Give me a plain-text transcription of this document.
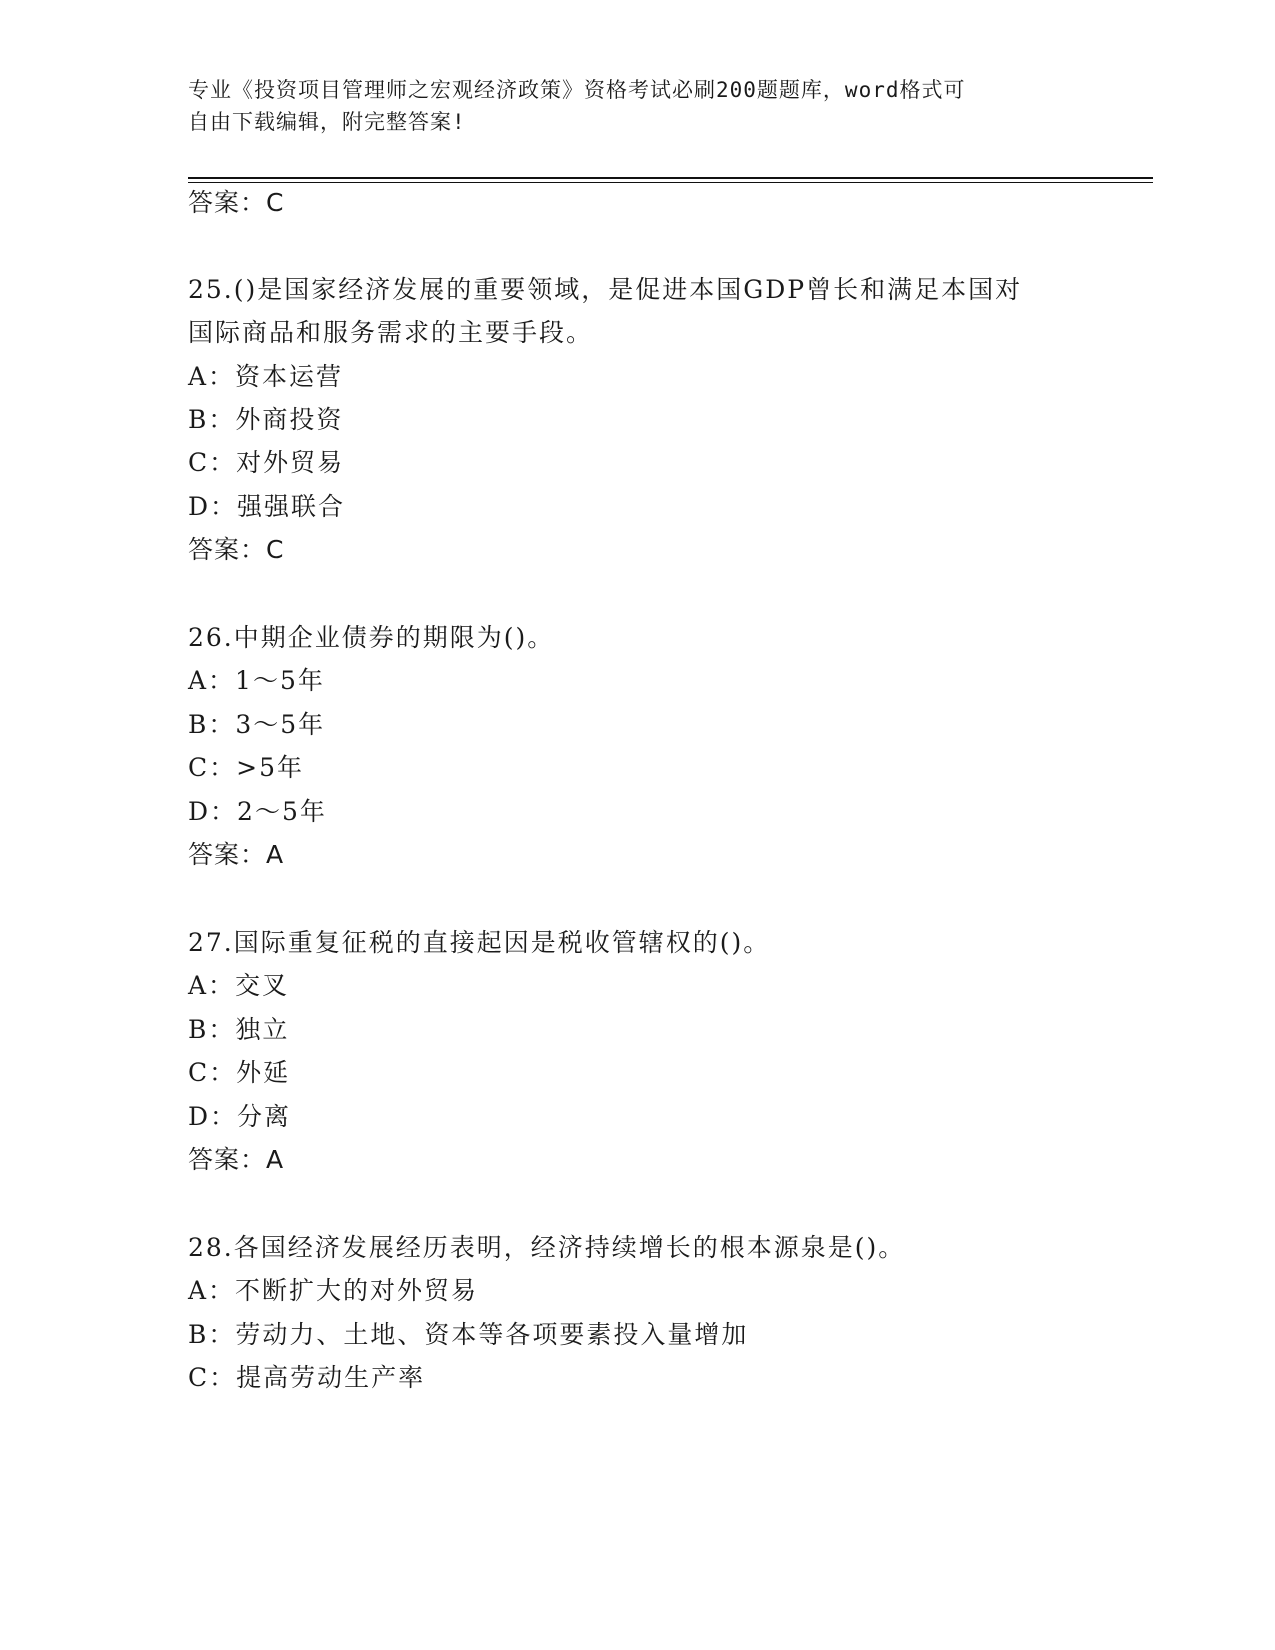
专业《投资项目管理师之宏观经济政策》资格考试必刷200题题库，word格式可
自由下载编辑，附完整答案!
答案：C
25.()是国家经济发展的重要领域，是促进本国GDP曾长和满足本国对
国际商品和服务需求的主要手段。
A：资本运营
B：外商投资
C：对外贸易
D：强强联合
答案：C
26.中期企业债券的期限为()。
A：1～5年
B：3～5年
C：>5年
D：2～5年
答案：A
27.国际重复征税的直接起因是税收管辖权的()。
A：交叉
B：独立
C：外延
D：分离
答案：A
28.各国经济发展经历表明，经济持续增长的根本源泉是()。
A：不断扩大的对外贸易
B：劳动力、土地、资本等各项要素投入量增加
C：提高劳动生产率
